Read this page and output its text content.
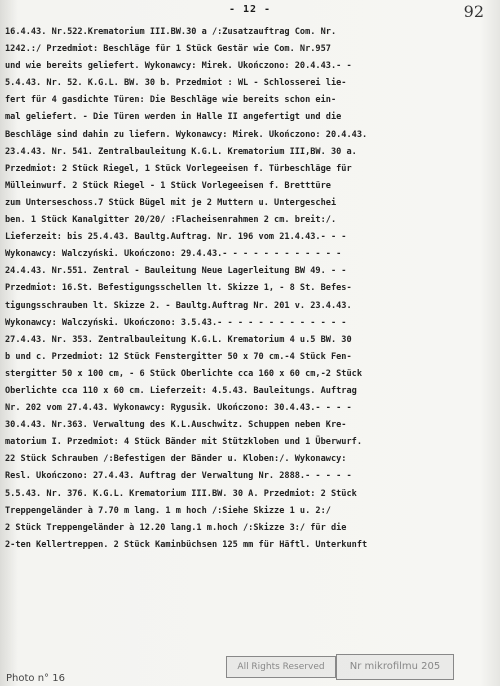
- 12 -	92
16.4.43. Nr.522.Krematorium III.BW.30 a /:Zusatzauftrag Com. Nr.
1242.:/ Przedmiot: Beschläge für 1 Stück Gestär wie Com. Nr.957
und wie bereits geliefert. Wykonawcy: Mirek. Ukończono: 20.4.43.- -
5.4.43. Nr. 52. K.G.L. BW. 30 b. Przedmiot : WL - Schlosserei lie-
fert für 4 gasdichte Türen: Die Beschläge wie bereits schon ein-
mal geliefert. - Die Türen werden in Halle II angefertigt und die
Beschläge sind dahin zu liefern. Wykonawcy: Mirek. Ukończono: 20.4.43.
23.4.43. Nr. 541. Zentralbauleitung K.G.L. Krematorium III,BW. 30 a.
Przedmiot: 2 Stück Riegel, 1 Stück Vorlegeeisen f. Türbeschläge für
Mülleinwurf. 2 Stück Riegel - 1 Stück Vorlegeeisen f. Bretttüre
zum Unterseschoss.7 Stück Bügel mit je 2 Muttern u. Untergeschei
ben. 1 Stück Kanalgitter 20/20/ :Flacheisenrahmen 2 cm. breit:/.
Lieferzeit: bis 25.4.43. Baultg.Auftrag. Nr. 196 vom 21.4.43.- - -
Wykonawcy: Walczyński. Ukończono: 29.4.43.- - - - - - - - - - - -
24.4.43. Nr.551. Zentral - Bauleitung Neue Lagerleitung BW 49. - -
Przedmiot: 16.St. Befestigungsschellen lt. Skizze 1, - 8 St. Befes-
tigungsschrauben lt. Skizze 2. - Baultg.Auftrag Nr. 201 v. 23.4.43.
Wykonawcy: Walczyński. Ukończono: 3.5.43.- - - - - - - - - - - - -
27.4.43. Nr. 353. Zentralbauleitung K.G.L. Krematorium 4 u.5 BW. 30
b und c. Przedmiot: 12 Stück Fenstergitter 50 x 70 cm.-4 Stück Fen-
stergitter 50 x 100 cm, - 6 Stück Oberlichte cca 160 x 60 cm,-2 Stück
Oberlichte cca 110 x 60 cm. Lieferzeit: 4.5.43. Bauleitungs. Auftrag
Nr. 202 vom 27.4.43. Wykonawcy: Rygusik. Ukończono: 30.4.43.- - - -
30.4.43. Nr.363. Verwaltung des K.L.Auschwitz. Schuppen neben Kre-
matorium I. Przedmiot: 4 Stück Bänder mit Stützkloben und 1 Überwurf.
22 Stück Schrauben /:Befestigen der Bänder u. Kloben:/. Wykonawcy:
Resl. Ukończono: 27.4.43. Auftrag der Verwaltung Nr. 2888.- - - - -
5.5.43. Nr. 376. K.G.L. Krematorium III.BW. 30 A. Przedmiot: 2 Stück
Treppengeländer à 7.70 m lang. 1 m hoch /:Siehe Skizze 1 u. 2:/
2 Stück Treppengeländer à 12.20 lang.1 m.hoch /:Skizze 3:/ für die
2-ten Kellertreppen. 2 Stück Kaminbüchsen 125 mm für Häftl. Unterkunft
All Rights Reserved	Nr mikrofilmu 205
Photo n° 16
